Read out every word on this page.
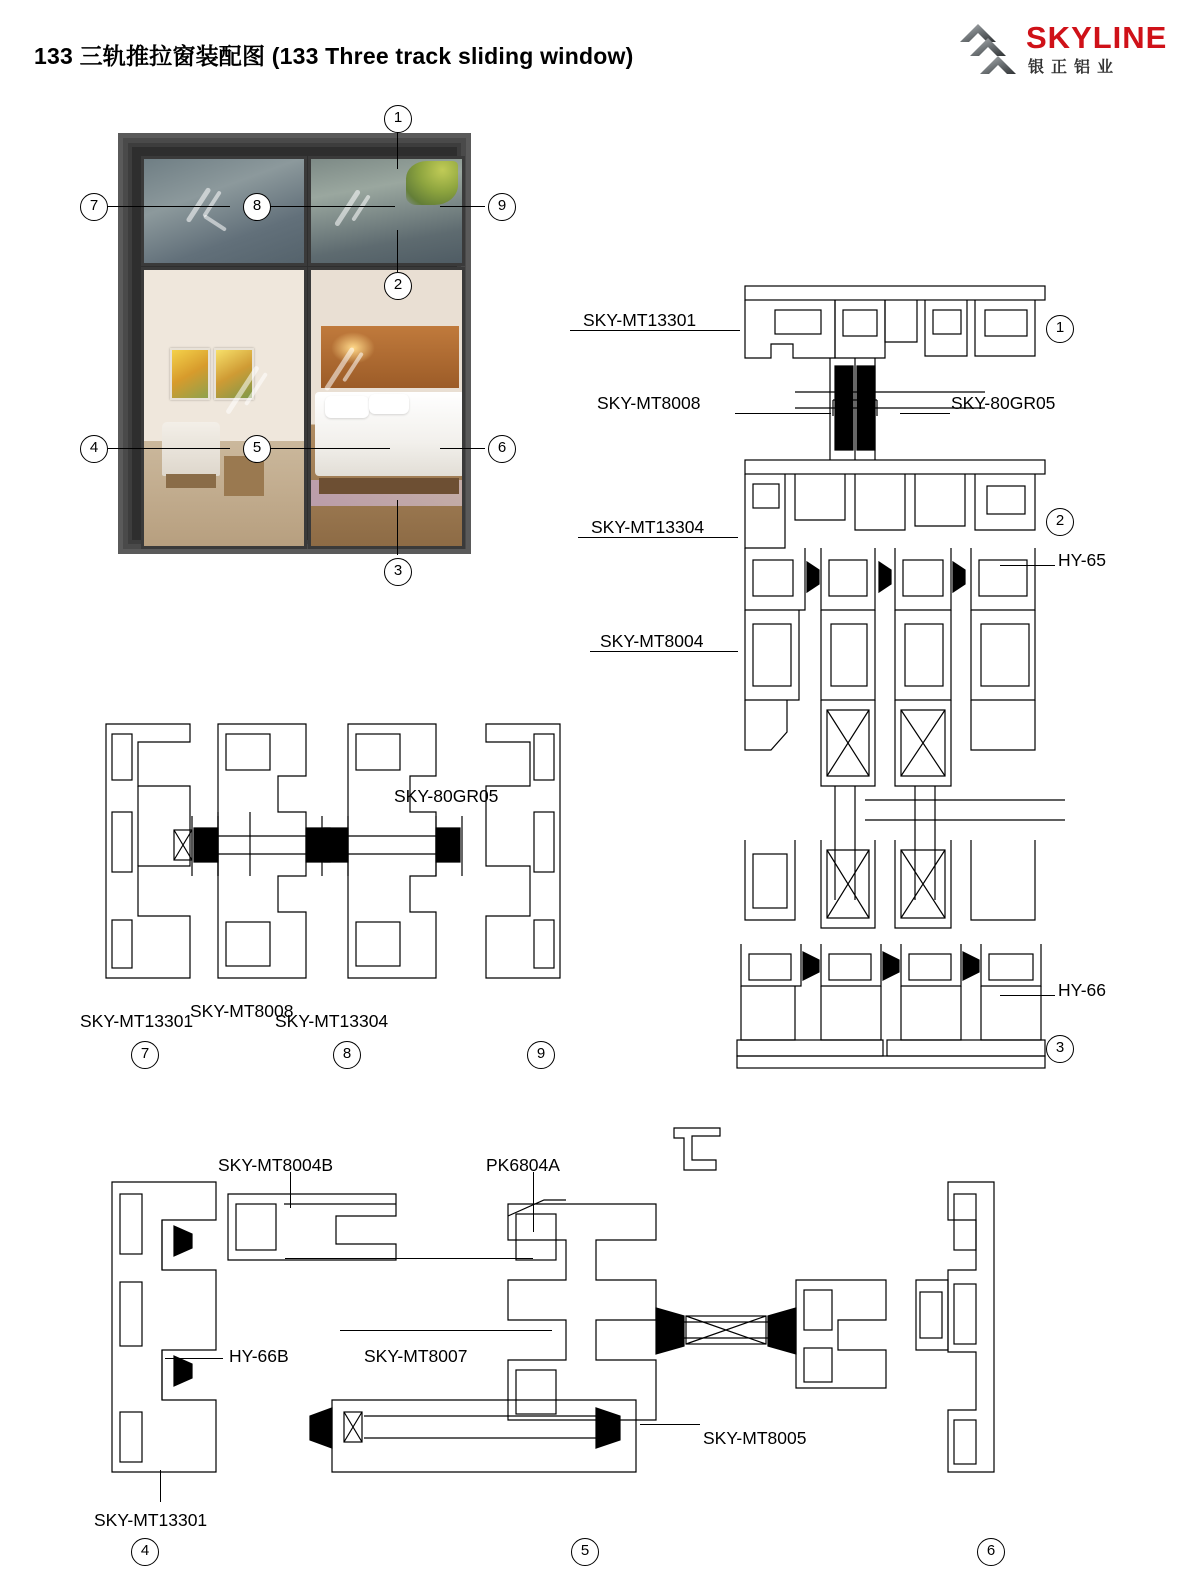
133 三轨推拉窗装配图 (133 Three track sliding window)
SKYLINE
银正铝业
1
7	8	9
2
4	5	6
3
SKY-MT13301
SKY-MT8008	SKY-80GR05
SKY-MT13304
HY-65
SKY-MT8004
HY-66
1
2
3
SKY-80GR05
SKY-MT8008
SKY-MT13301	SKY-MT13304
7	8	9
SKY-MT8004B	PK6804A
HY-66B	SKY-MT8007
SKY-MT8005
SKY-MT13301
4	5	6
